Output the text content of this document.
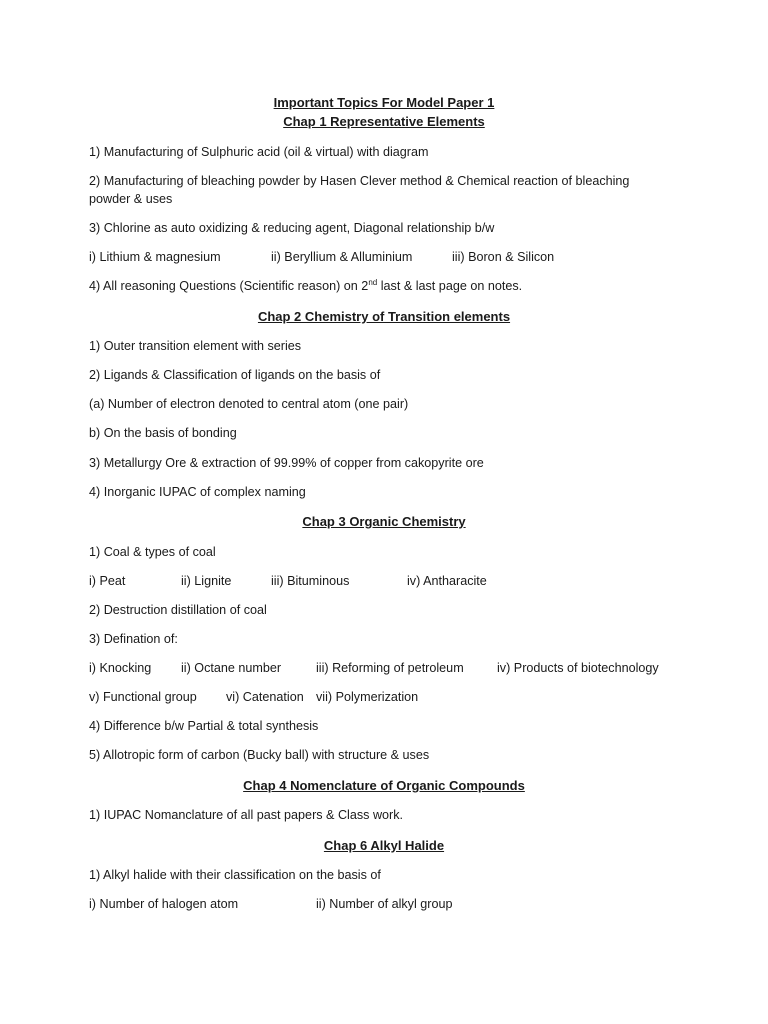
Important Topics For Model Paper 1
Chap 1 Representative Elements
1) Manufacturing of Sulphuric acid (oil & virtual) with diagram
2) Manufacturing of bleaching powder by Hasen Clever method & Chemical reaction of bleaching powder & uses
3) Chlorine as auto oxidizing & reducing agent, Diagonal relationship b/w
i) Lithium & magnesium	ii) Beryllium & Alluminium	iii) Boron & Silicon
4) All reasoning Questions (Scientific reason) on 2nd last & last page on notes.
Chap 2 Chemistry of Transition elements
1) Outer transition element with series
2) Ligands & Classification of ligands on the basis of
(a) Number of electron denoted to central atom (one pair)
b) On the basis of bonding
3) Metallurgy Ore & extraction of 99.99% of copper from cakopyrite ore
4) Inorganic IUPAC of complex naming
Chap 3 Organic Chemistry
1) Coal & types of coal
i) Peat	ii) Lignite	iii) Bituminous	iv) Antharacite
2) Destruction distillation of coal
3) Defination of:
i) Knocking ii) Octane number	iii) Reforming of petroleum	iv) Products of biotechnology
v) Functional group vi) Catenation vii) Polymerization
4) Difference b/w Partial & total synthesis
5) Allotropic form of carbon (Bucky ball) with structure & uses
Chap 4 Nomenclature of Organic Compounds
1) IUPAC Nomanclature of all past papers & Class work.
Chap 6 Alkyl Halide
1) Alkyl halide with their classification on the basis of
i) Number of halogen atom	ii) Number of alkyl group
